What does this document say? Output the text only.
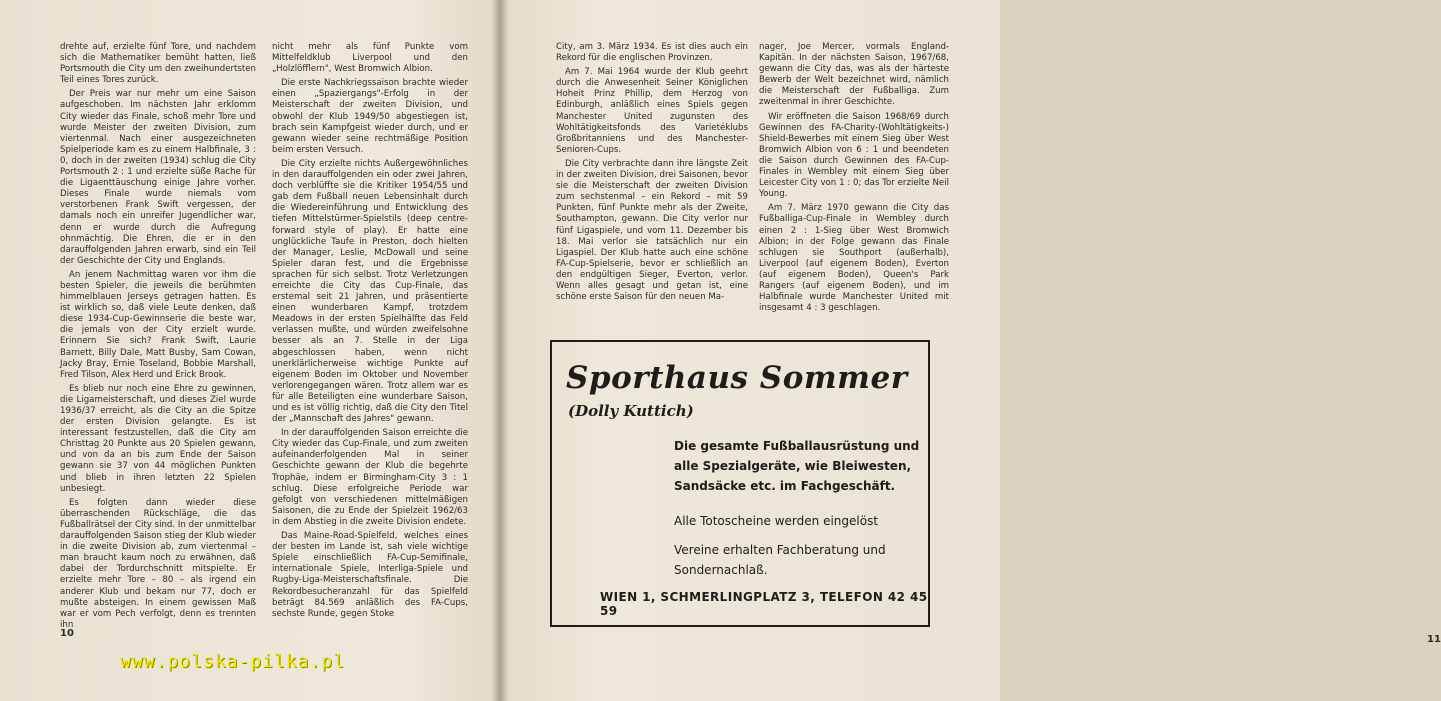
drehte auf, erzielte fünf Tore, und nachdem sich die Mathematiker bemüht hatten, ließ Portsmouth die City um den zweihundertsten Teil eines Tores zurück.

Der Preis war nur mehr um eine Saison aufgeschoben. Im nächsten Jahr erklomm City wieder das Finale, schoß mehr Tore und wurde Meister der zweiten Division, zum viertenmal. Nach einer ausgezeichneten Spielperiode kam es zu einem Halbfinale, 3 : 0, doch in der zweiten (1934) schlug die City Portsmouth 2 : 1 und erzielte süße Rache für die Ligaenttäuschung einige Jahre vorher. Dieses Finale wurde niemals vom verstorbenen Frank Swift vergessen, der damals noch ein unreifer Jugendlicher war, denn er wurde durch die Aufregung ohnmächtig. Die Ehren, die er in den darauffolgenden Jahren erwarb, sind ein Teil der Geschichte der City und Englands.

An jenem Nachmittag waren vor ihm die besten Spieler, die jeweils die berühmten himmelblauen Jerseys getragen hatten. Es ist wirklich so, daß viele Leute denken, daß diese 1934-Cup-Gewinnserie die beste war, die jemals von der City erzielt wurde. Erinnern Sie sich? Frank Swift, Laurie Barnett, Billy Dale, Matt Busby, Sam Cowan, Jacky Bray, Ernie Toseland, Bobbie Marshall, Fred Tilson, Alex Herd und Erick Brook.

Es blieb nur noch eine Ehre zu gewinnen, die Ligameisterschaft, und dieses Ziel wurde 1936/37 erreicht, als die City an die Spitze der ersten Division gelangte. Es ist interessant festzustellen, daß die City am Christtag 20 Punkte aus 20 Spielen gewann, und von da an bis zum Ende der Saison gewann sie 37 von 44 möglichen Punkten und blieb in ihren letzten 22 Spielen unbesiegt.

Es folgten dann wieder diese überraschenden Rückschläge, die das Fußballrätsel der City sind. In der unmittelbar darauffolgenden Saison stieg der Klub wieder in die zweite Division ab, zum viertenmal – man braucht kaum noch zu erwähnen, daß dabei der Tordurchschnitt mitspielte. Er erzielte mehr Tore – 80 – als irgend ein anderer Klub und bekam nur 77, doch er mußte absteigen. In einem gewissen Maß war er vom Pech verfolgt, denn es trennten ihn

nicht mehr als fünf Punkte vom Mittelfeldklub Liverpool und den „Holzlöfflern", West Bromwich Albion.

Die erste Nachkriegssaison brachte wieder einen „Spaziergangs"-Erfolg in der Meisterschaft der zweiten Division, und obwohl der Klub 1949/50 abgestiegen ist, brach sein Kampfgeist wieder durch, und er gewann wieder seine rechtmäßige Position beim ersten Versuch.

Die City erzielte nichts Außergewöhnliches in den darauffolgenden ein oder zwei Jahren, doch verblüffte sie die Kritiker 1954/55 und gab dem Fußball neuen Lebensinhalt durch die Wiedereinführung und Entwicklung des tiefen Mittelstürmer-Spielstils (deep centre-forward style of play). Er hatte eine unglückliche Taufe in Preston, doch hielten der Manager, Leslie, McDowall und seine Spieler daran fest, und die Ergebnisse sprachen für sich selbst. Trotz Verletzungen erreichte die City das Cup-Finale, das erstemal seit 21 Jahren, und präsentierte einen wunderbaren Kampf, trotzdem Meadows in der ersten Spielhälfte das Feld verlassen mußte, und würden zweifelsohne besser als an 7. Stelle in der Liga abgeschlossen haben, wenn nicht unerklärlicherweise wichtige Punkte auf eigenem Boden im Oktober und November verlorengegangen wären. Trotz allem war es für alle Beteiligten eine wunderbare Saison, und es ist völlig richtig, daß die City den Titel der „Mannschaft des Jahres" gewann.

In der darauffolgenden Saison erreichte die City wieder das Cup-Finale, und zum zweiten aufeinanderfolgenden Mal in seiner Geschichte gewann der Klub die begehrte Trophäe, indem er Birmingham-City 3 : 1 schlug. Diese erfolgreiche Periode war gefolgt von verschiedenen mittelmäßigen Saisonen, die zu Ende der Spielzeit 1962/63 in dem Abstieg in die zweite Division endete.

Das Maine-Road-Spielfeld, welches eines der besten im Lande ist, sah viele wichtige Spiele einschließlich FA-Cup-Semifinale, internationale Spiele, Interliga-Spiele und Rugby-Liga-Meisterschaftsfinale. Die Rekordbesucheranzahl für das Spielfeld beträgt 84.569 anläßlich des FA-Cups, sechste Runde, gegen Stoke

10

City, am 3. März 1934. Es ist dies auch ein Rekord für die englischen Provinzen.

Am 7. Mai 1964 wurde der Klub geehrt durch die Anwesenheit Seiner Königlichen Hoheit Prinz Phillip, dem Herzog von Edinburgh, anläßlich eines Spiels gegen Manchester United zugunsten des Wohltätigkeitsfonds des Varietéklubs Großbritanniens und des Manchester-Senioren-Cups.

Die City verbrachte dann ihre längste Zeit in der zweiten Division, drei Saisonen, bevor sie die Meisterschaft der zweiten Division zum sechstenmal – ein Rekord – mit 59 Punkten, fünf Punkte mehr als der Zweite, Southampton, gewann. Die City verlor nur fünf Ligaspiele, und vom 11. Dezember bis 18. Mai verlor sie tatsächlich nur ein Ligaspiel. Der Klub hatte auch eine schöne FA-Cup-Spielserie, bevor er schließlich an den endgültigen Sieger, Everton, verlor. Wenn alles gesagt und getan ist, eine schöne erste Saison für den neuen Ma-

nager, Joe Mercer, vormals England-Kapitän. In der nächsten Saison, 1967/68, gewann die City das, was als der härteste Bewerb der Welt bezeichnet wird, nämlich die Meisterschaft der Fußballiga. Zum zweitenmal in ihrer Geschichte.

Wir eröffneten die Saison 1968/69 durch Gewinnen des FA-Charity-(Wohltätigkeits-) Shield-Bewerbes mit einem Sieg über West Bromwich Albion von 6 : 1 und beendeten die Saison durch Gewinnen des FA-Cup-Finales in Wembley mit einem Sieg über Leicester City von 1 : 0; das Tor erzielte Neil Young.

Am 7. März 1970 gewann die City das Fußballiga-Cup-Finale in Wembley durch einen 2 : 1-Sieg über West Bromwich Albion; in der Folge gewann das Finale schlugen sie Southport (außerhalb), Liverpool (auf eigenem Boden), Everton (auf eigenem Boden), Queen's Park Rangers (auf eigenem Boden), und im Halbfinale wurde Manchester United mit insgesamt 4 : 3 geschlagen.

11
Sporthaus Sommer
(Dolly Kuttich)
Die gesamte Fußballausrüstung und alle Spezialgeräte, wie Bleiwesten, Sandsäcke etc. im Fachgeschäft.
Alle Totoscheine werden eingelöst
Vereine erhalten Fachberatung und Sondernachlaß.
WIEN 1, SCHMERLINGPLATZ 3, TELEFON 42 45 59
www.polska-pilka.pl
